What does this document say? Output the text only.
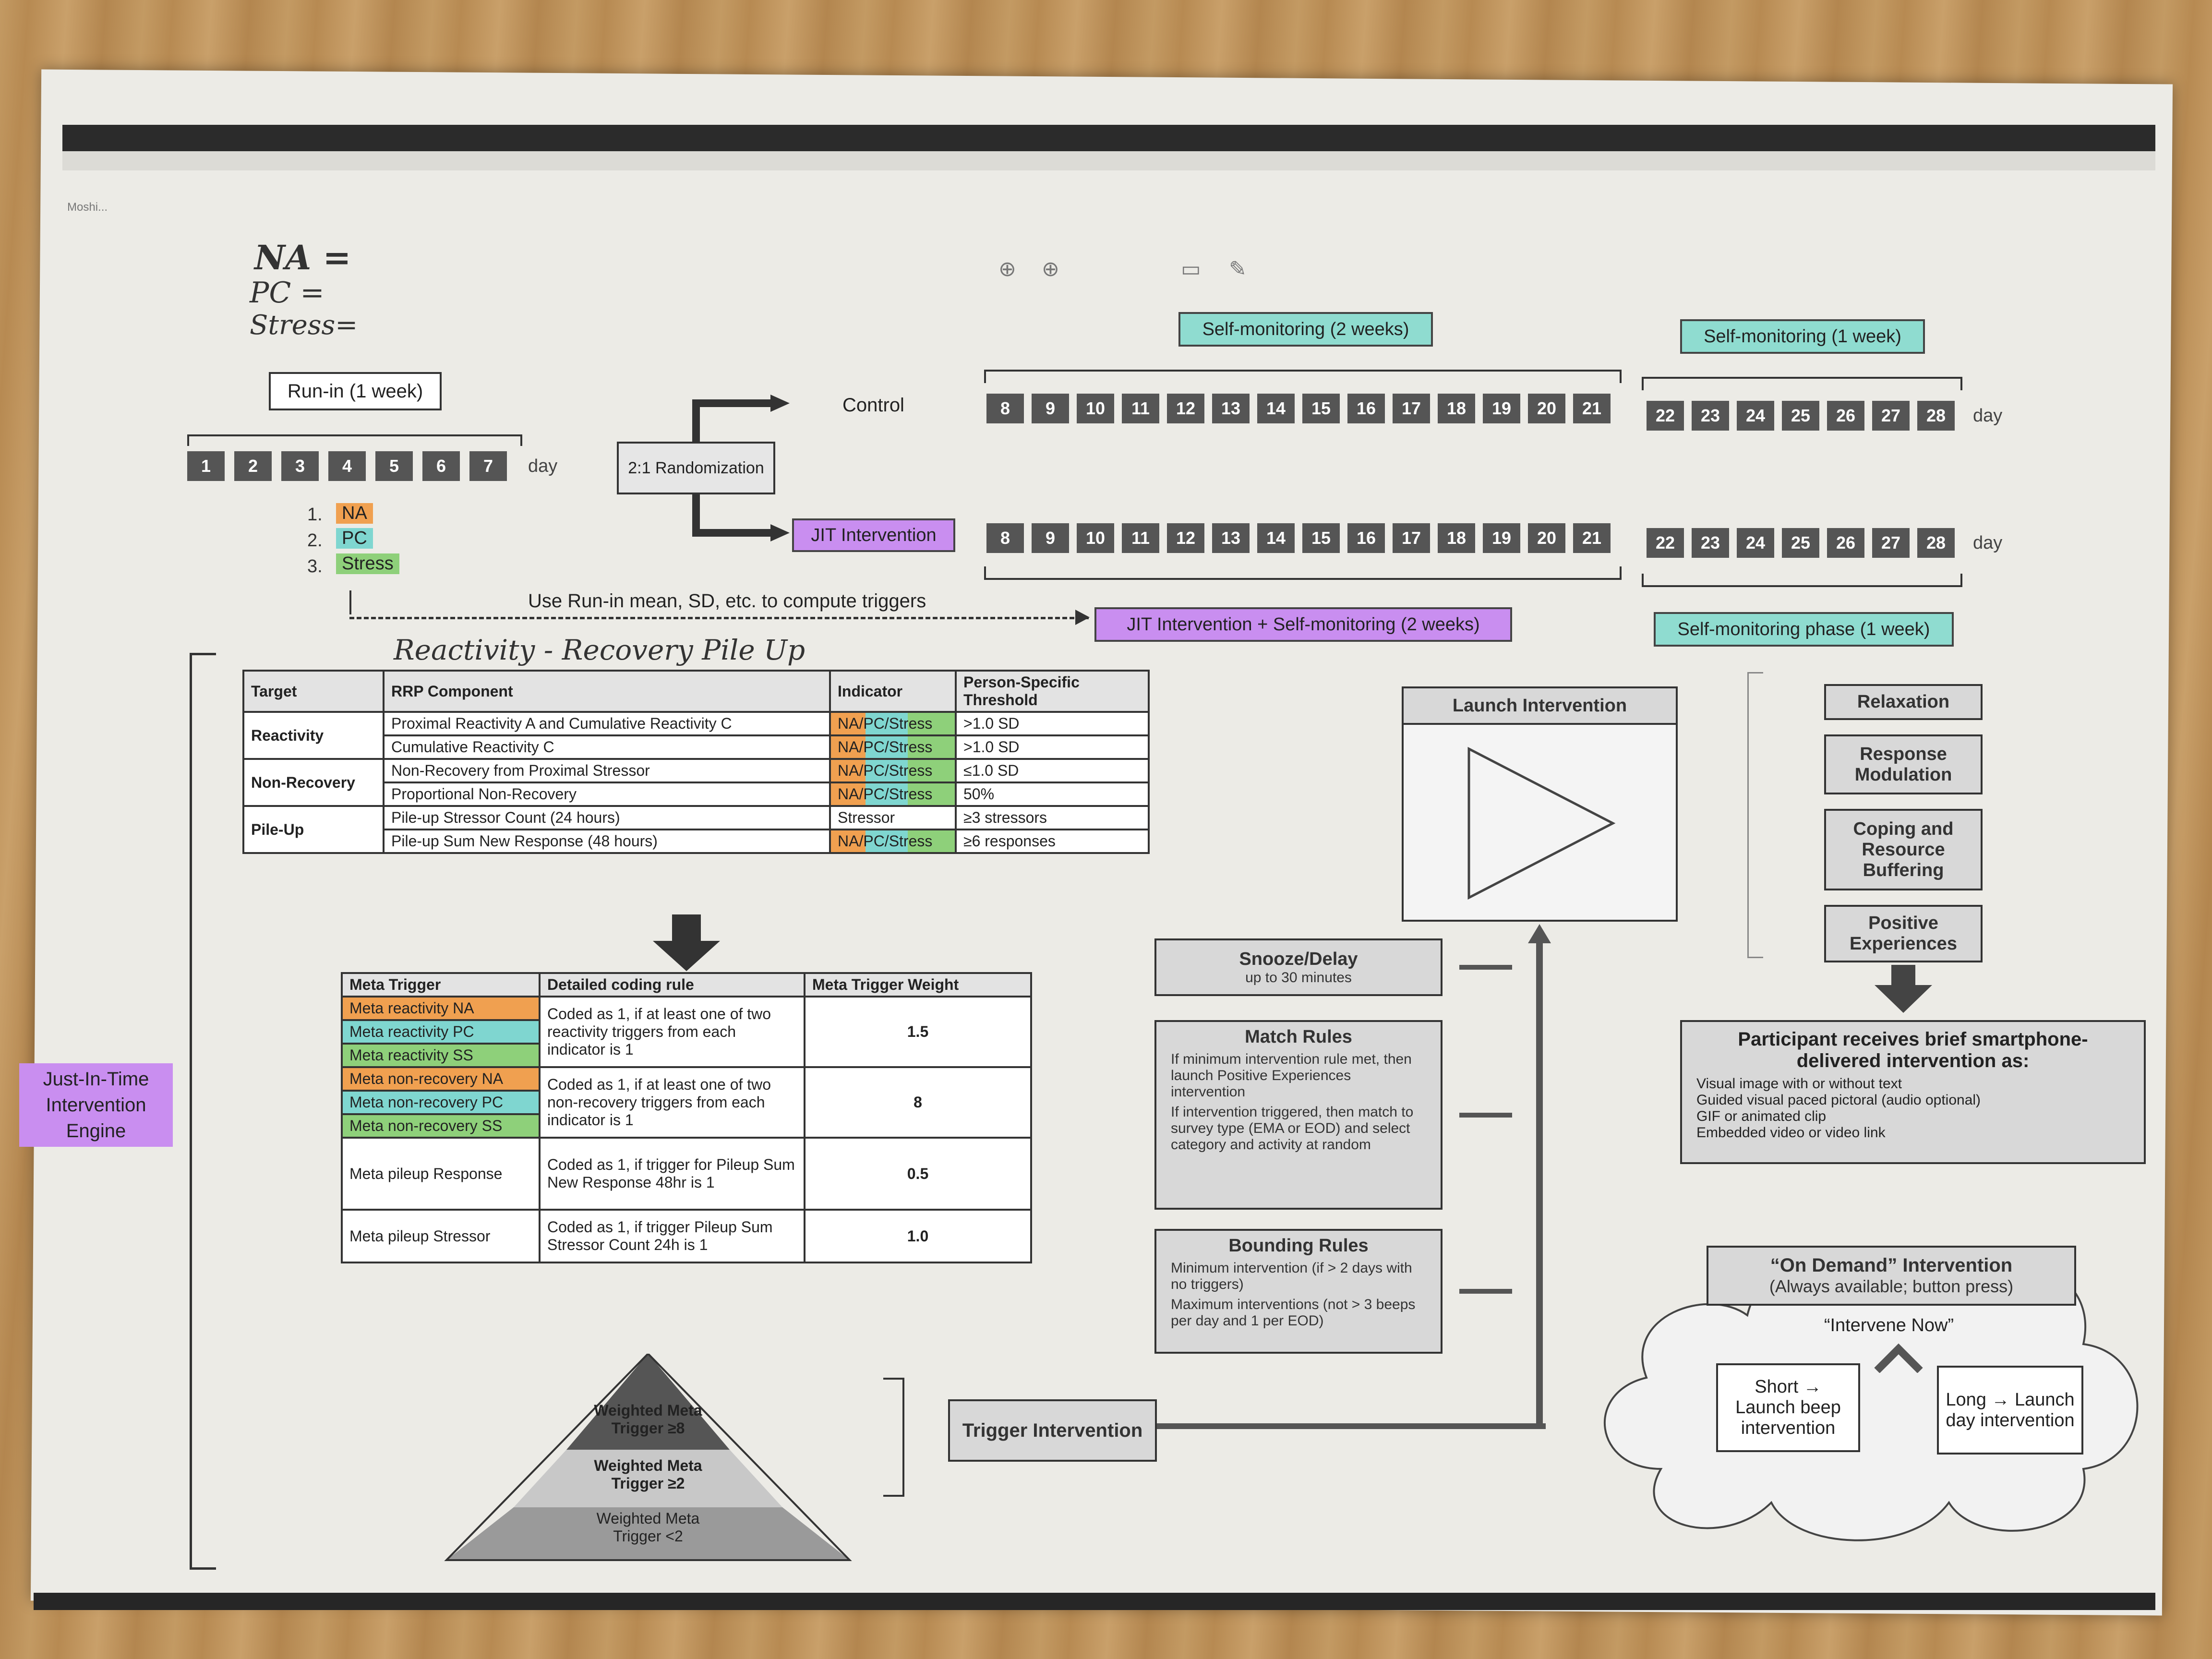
Moshi...
⊕ ⊕	▭ ✎
NA =
PC =
Stress=
Reactivity - Recovery Pile Up
Run-in (1 week)
1	2	3	4	5	6	7	day
1.
2.
3.
NA
PC
Stress
2:1 Randomization
Control
JIT Intervention
Self-monitoring (2 weeks)	Self-monitoring (1 week)
8	9	10	11	12	13	14	15	16	17	18	19	20	21	22	23	24	25	26	27	28	day
8	9	10	11	12	13	14	15	16	17	18	19	20	21	22	23	24	25	26	27	28	day
JIT Intervention + Self-monitoring (2 weeks)	Self-monitoring phase (1 week)
Use Run-in mean, SD, etc. to compute triggers
Just-In-Time Intervention Engine
Target	RRP Component	Indicator	Person-Specific Threshold
Reactivity	Proximal Reactivity A and Cumulative Reactivity C	NA/PC/Stress	>1.0 SD
	Cumulative Reactivity C	NA/PC/Stress	>1.0 SD
Non-Recovery	Non-Recovery from Proximal Stressor	NA/PC/Stress	≤1.0 SD
	Proportional Non-Recovery	NA/PC/Stress	50%
Pile-Up	Pile-up Stressor Count (24 hours)	Stressor	≥3 stressors
	Pile-up Sum New Response (48 hours)	NA/PC/Stress	≥6 responses
Meta Trigger	Detailed coding rule	Meta Trigger Weight
Meta reactivity NA	Coded as 1, if at least one of two reactivity triggers from each indicator is 1	1.5
Meta reactivity PC		
Meta reactivity SS		
Meta non-recovery NA	Coded as 1, if at least one of two non-recovery triggers from each indicator is 1	8
Meta non-recovery PC		
Meta non-recovery SS		
Meta pileup Response	Coded as 1, if trigger for Pileup Sum New Response 48hr is 1	0.5
Meta pileup Stressor	Coded as 1, if trigger Pileup Sum Stressor Count 24h is 1	1.0
Weighted Meta Trigger ≥8
Weighted Meta Trigger ≥2
Weighted Meta Trigger <2
Trigger Intervention
Snooze/Delay
up to 30 minutes
Match Rules
If minimum intervention rule met, then launch Positive Experiences intervention
If intervention triggered, then match to survey type (EMA or EOD) and select category and activity at random
Bounding Rules
Minimum intervention (if > 2 days with no triggers)
Maximum interventions (not > 3 beeps per day and 1 per EOD)
Launch Intervention	Relaxation
Response Modulation
Coping and Resource Buffering
Positive Experiences
Participant receives brief smartphone-delivered intervention as:
Visual image with or without text
Guided visual paced pictoral (audio optional)
GIF or animated clip
Embedded video or video link
“On Demand” Intervention
(Always available; button press)
“Intervene Now”
Short → Launch beep intervention
Long → Launch day intervention
